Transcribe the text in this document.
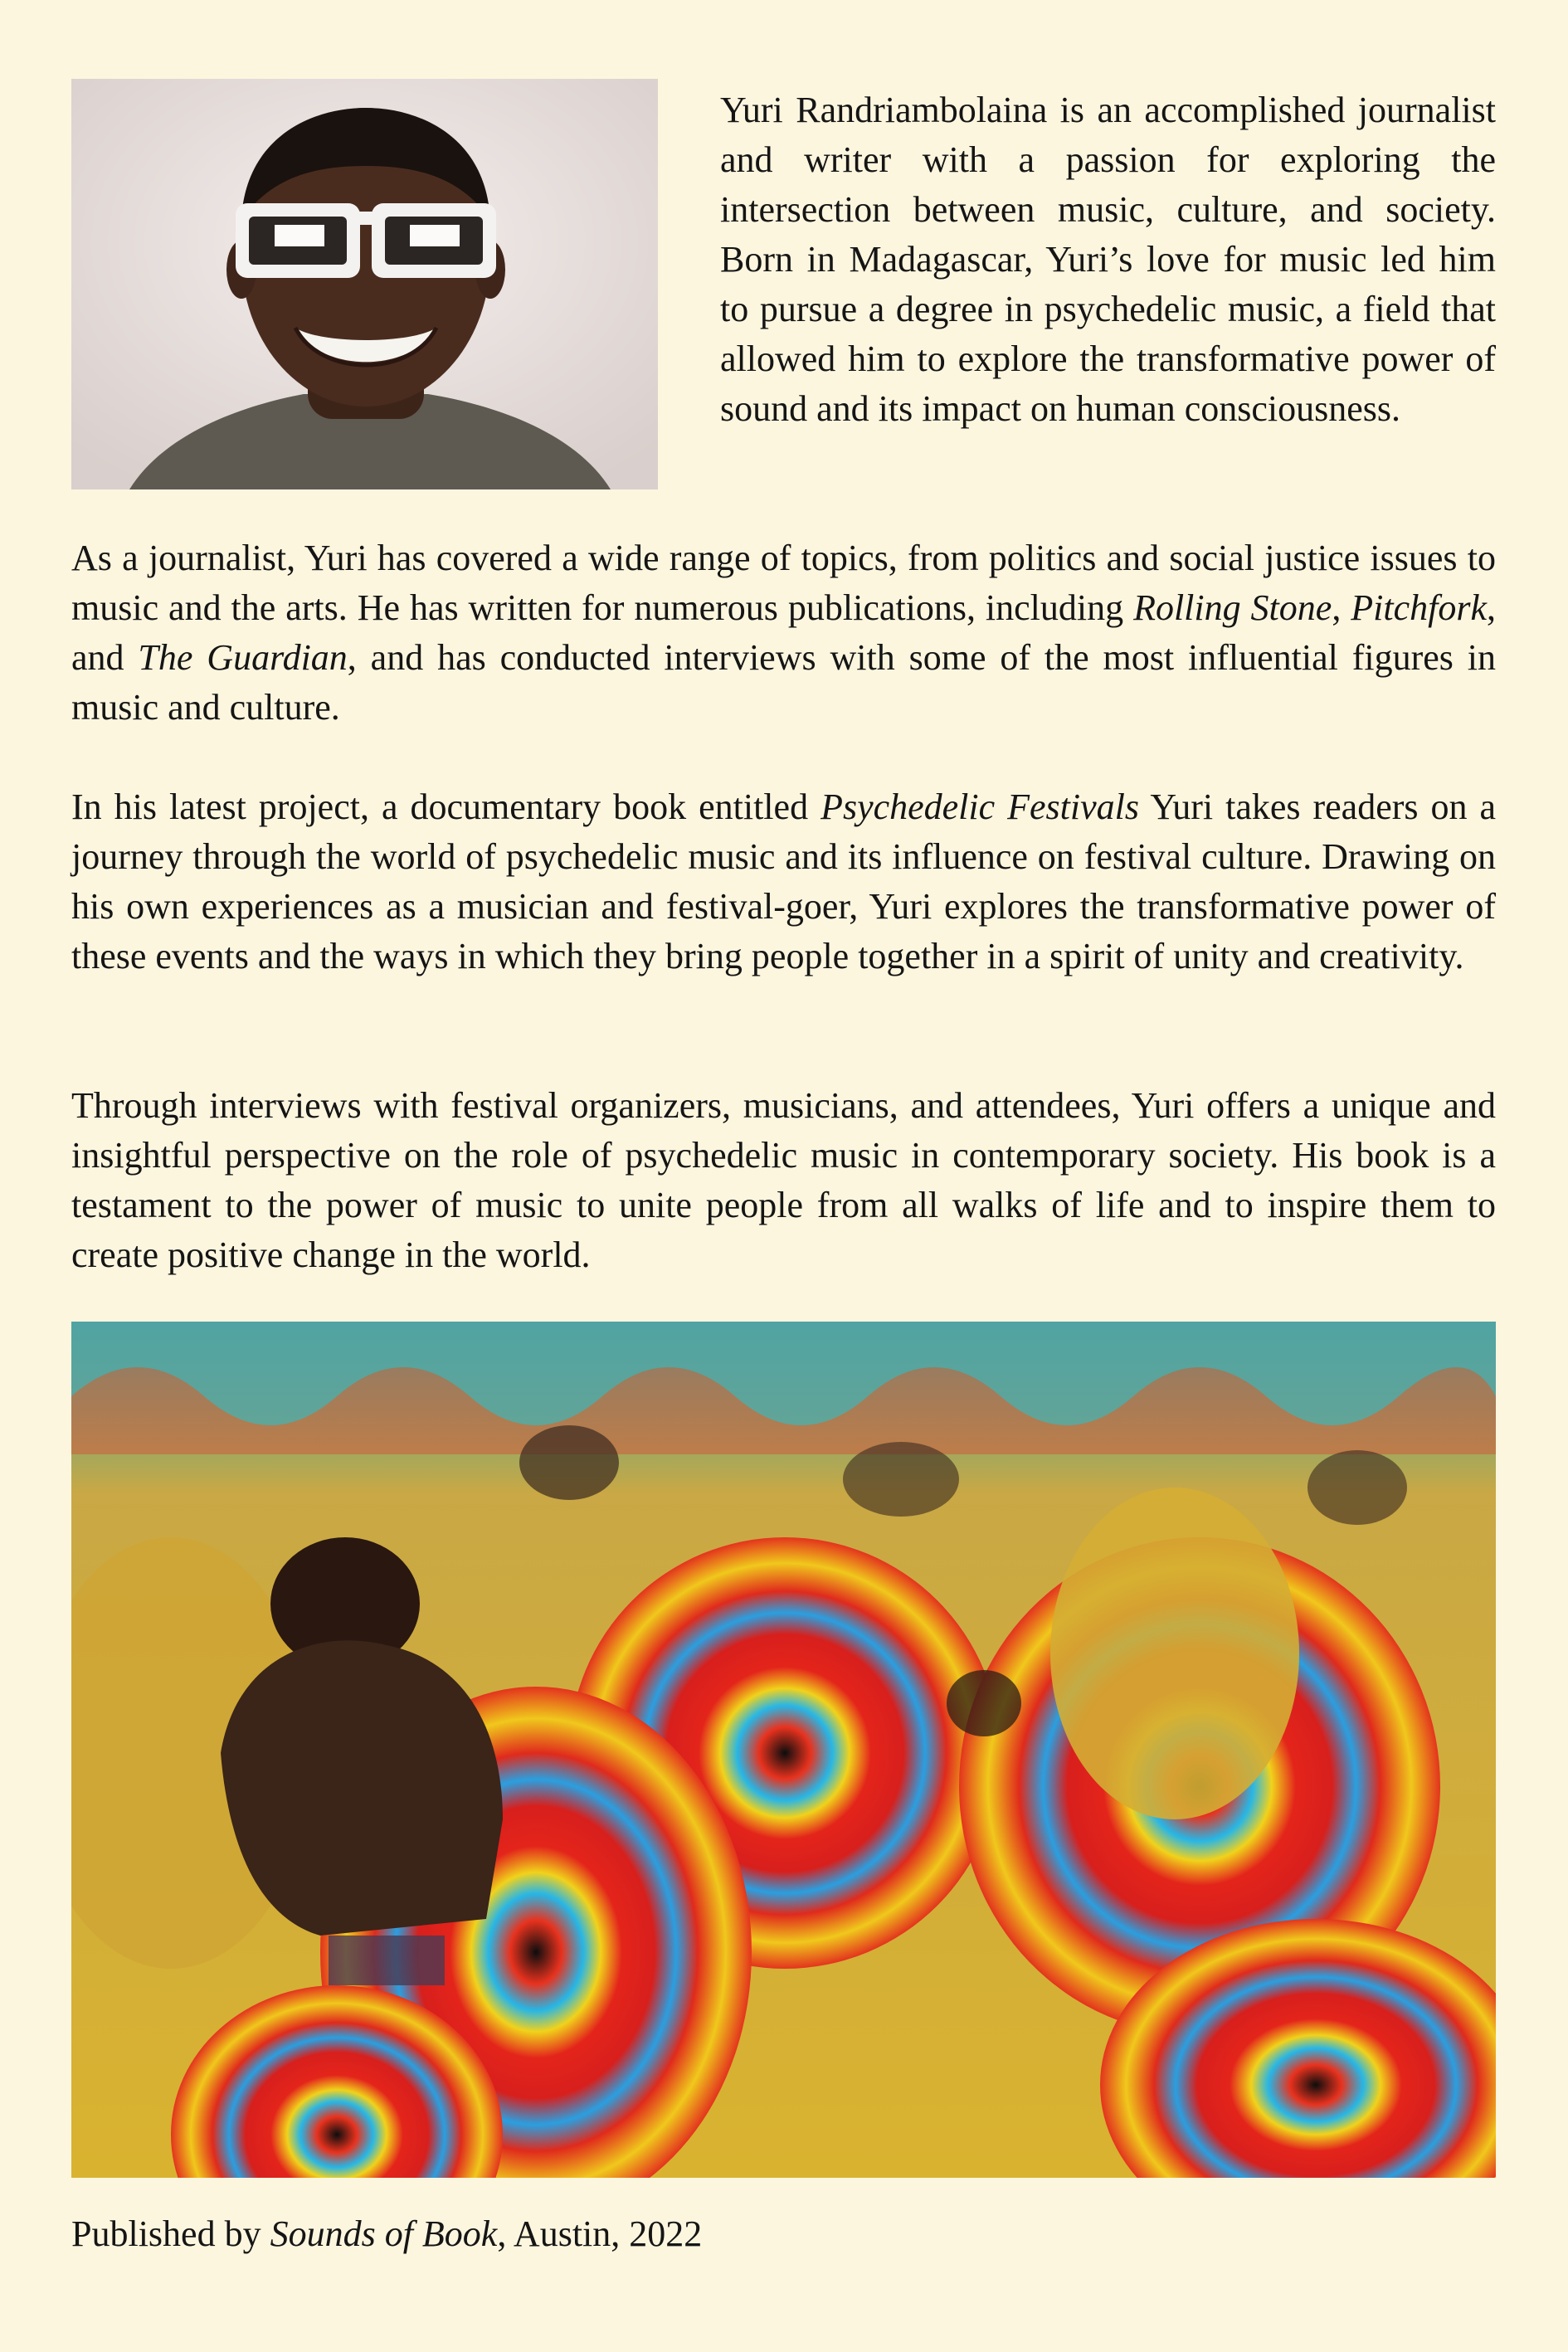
Yuri Randriambolaina is an accomplished journalist and writer with a passion for exploring the intersection between music, culture, and society. Born in Madagascar, Yuri’s love for music led him to pursue a degree in psychedelic music, a field that allowed him to explore the transformative power of sound and its impact on human consciousness.
As a journalist, Yuri has covered a wide range of topics, from politics and social justice issues to music and the arts. He has written for numerous publications, including Rolling Stone, Pitchfork, and The Guardian, and has conducted interviews with some of the most influential figures in music and culture.
In his latest project, a documentary book entitled Psychedelic Festivals Yuri takes readers on a journey through the world of psychedelic music and its influence on festival culture. Drawing on his own experiences as a musician and festival-goer, Yuri explores the transformative power of these events and the ways in which they bring people together in a spirit of unity and creativity.
Through interviews with festival organizers, musicians, and attendees, Yuri offers a unique and insightful perspective on the role of psychedelic music in contemporary society. His book is a testament to the power of music to unite people from all walks of life and to inspire them to create positive change in the world.
Published by Sounds of Book, Austin, 2022
